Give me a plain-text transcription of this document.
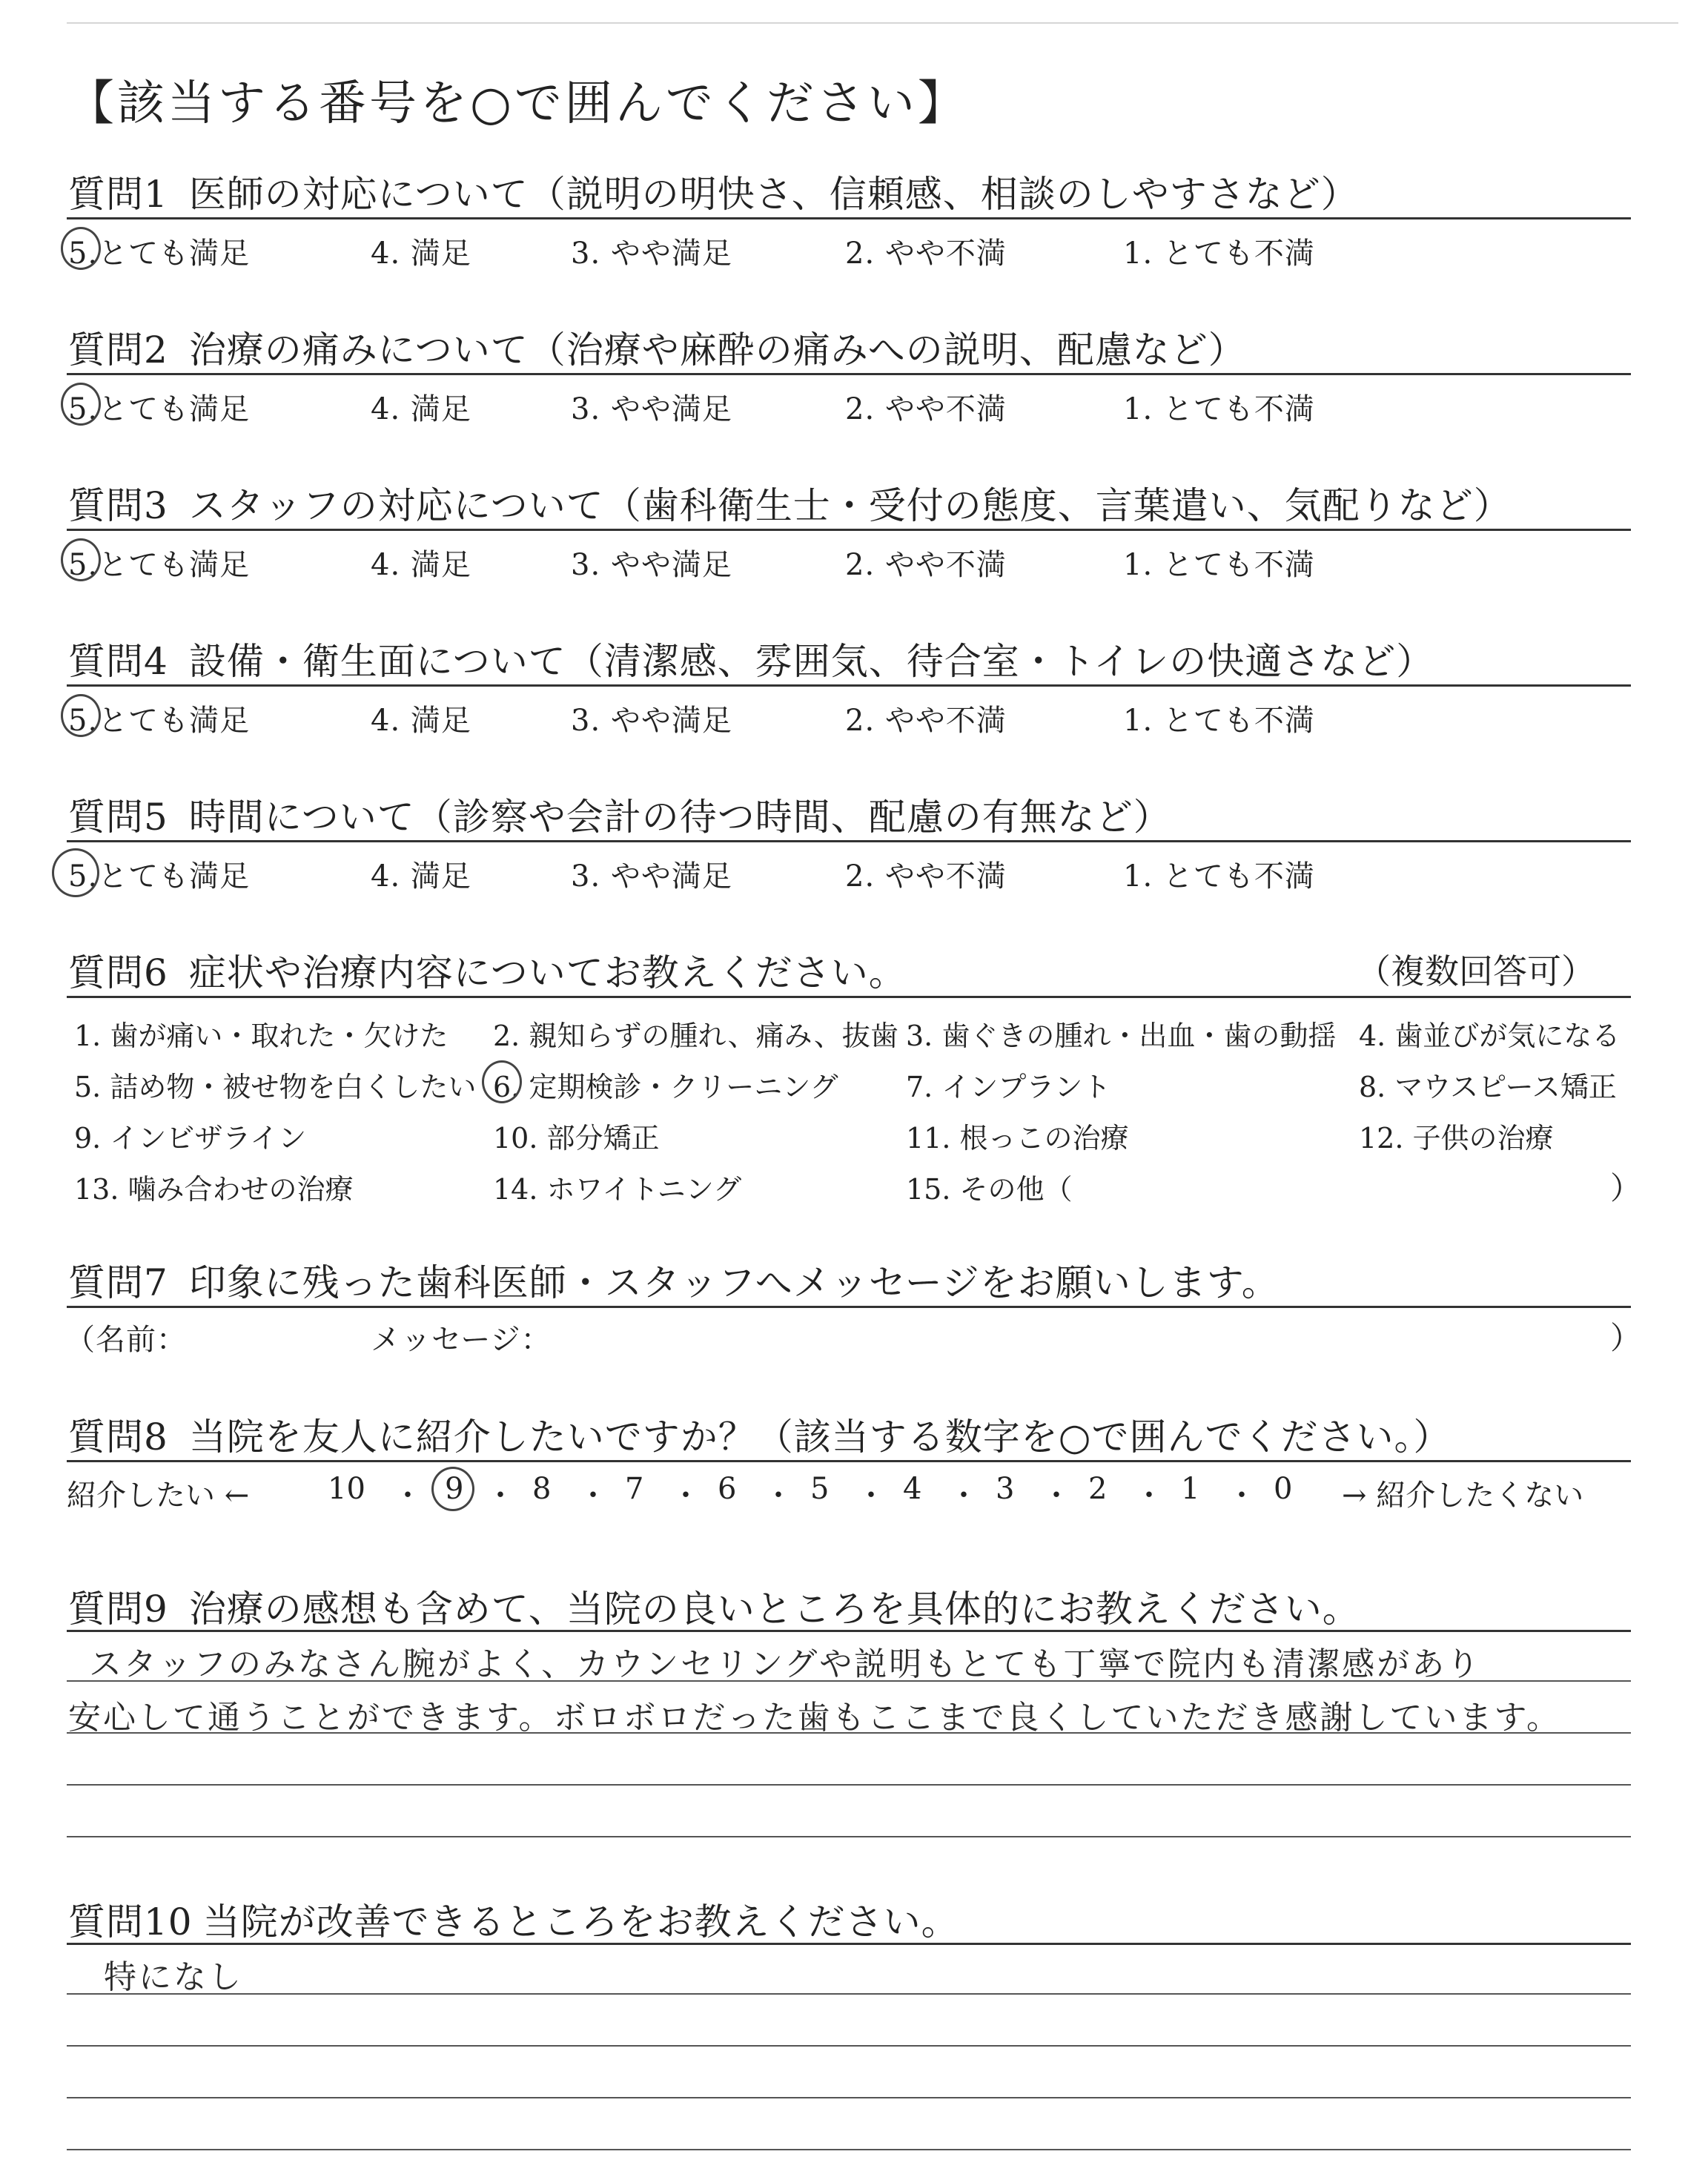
【該当する番号を○で囲んでください】
質問1 医師の対応について（説明の明快さ、信頼感、相談のしやすさなど）
5.とても満足	4. 満足	3. やや満足	2. やや不満	1. とても不満
質問2 治療の痛みについて（治療や麻酔の痛みへの説明、配慮など）
5.とても満足	4. 満足	3. やや満足	2. やや不満	1. とても不満
質問3 スタッフの対応について（歯科衛生士・受付の態度、言葉遣い、気配りなど）
5.とても満足	4. 満足	3. やや満足	2. やや不満	1. とても不満
質問4 設備・衛生面について（清潔感、雰囲気、待合室・トイレの快適さなど）
5.とても満足	4. 満足	3. やや満足	2. やや不満	1. とても不満
質問5 時間について（診察や会計の待つ時間、配慮の有無など）
5.とても満足	4. 満足	3. やや満足	2. やや不満	1. とても不満
質問6 症状や治療内容についてお教えください。	（複数回答可）
1. 歯が痛い・取れた・欠けた 2. 親知らずの腫れ、痛み、抜歯 3. 歯ぐきの腫れ・出血・歯の動揺 4. 歯並びが気になる
5. 詰め物・被せ物を白くしたい 6. 定期検診・クリーニング 7. インプラント	8. マウスピース矯正
9. インビザライン	10. 部分矯正	11. 根っこの治療	12. 子供の治療
13. 噛み合わせの治療	14. ホワイトニング	15. その他（	）
質問7 印象に残った歯科医師・スタッフへメッセージをお願いします。
（名前：	メッセージ：	）
質問8 当院を友人に紹介したいですか？（該当する数字を○で囲んでください。）
紹介したい ←	10 ・ 9 ・ 8 ・ 7 ・ 6 ・ 5 ・ 4 ・ 3 ・ 2 ・ 1 ・ 0 → 紹介したくない
質問9 治療の感想も含めて、当院の良いところを具体的にお教えください。
スタッフのみなさん腕がよく、カウンセリングや説明もとても丁寧で院内も清潔感があり
安心して通うことができます。ボロボロだった歯もここまで良くしていただき感謝しています。
質問10 当院が改善できるところをお教えください。
特になし
